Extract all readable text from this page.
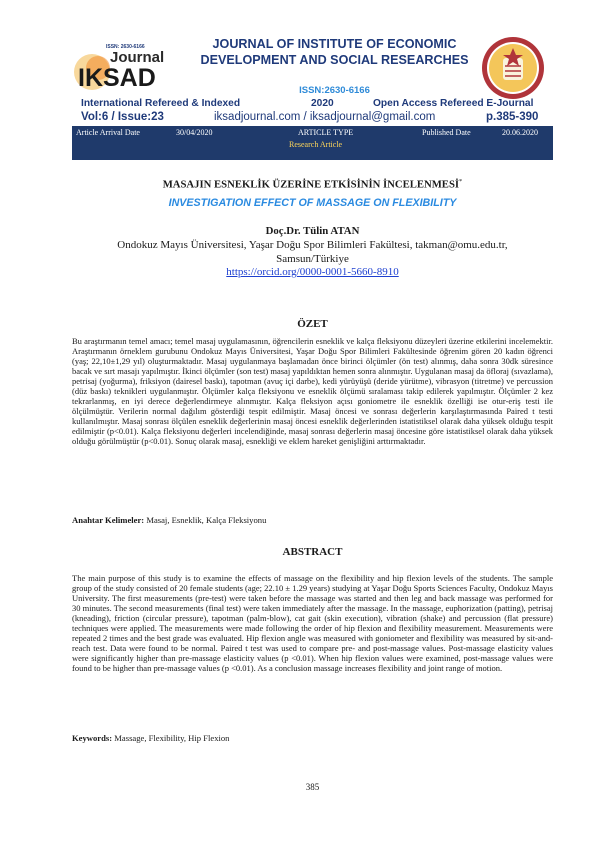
ISSN: 2630-6166
Journal
IKSAD
JOURNAL OF INSTITUTE OF ECONOMIC DEVELOPMENT AND SOCIAL RESEARCHES
ISSN:2630-6166
International Refereed & Indexed	2020	Open Access Refereed E-Journal
Vol:6 / Issue:23	iksadjournal.com / iksadjournal@gmail.com	p.385-390
Article Arrival Date	30/04/2020	ARTICLE TYPE
Research Article
Published Date	20.06.2020
MASAJIN ESNEKLİK ÜZERİNE ETKİSİNİN İNCELENMESİ*
INVESTIGATION EFFECT OF MASSAGE ON FLEXIBILITY
Doç.Dr. Tülin ATAN
Ondokuz Mayıs Üniversitesi, Yaşar Doğu Spor Bilimleri Fakültesi, takman@omu.edu.tr,
Samsun/Türkiye
https://orcid.org/0000-0001-5660-8910
ÖZET
Bu araştırmanın temel amacı; temel masaj uygulamasının, öğrencilerin esneklik ve kalça fleksiyonu düzeyleri üzerine etkilerini incelemektir. Araştırmanın örneklem gurubunu Ondokuz Mayıs Üniversitesi, Yaşar Doğu Spor Bilimleri Fakültesinde öğrenim gören 20 kadın öğrenci (yaş; 22,10±1,29 yıl) oluşturmaktadır. Masaj uygulanmaya başlamadan önce birinci ölçümler (ön test) alınmış, daha sonra 30dk süresince bacak ve sırt masajı yapılmıştır. İkinci ölçümler (son test) masaj yapıldıktan hemen sonra alınmıştır. Uygulanan masaj da öfloraj (sıvazlama), petrisaj (yoğurma), friksiyon (dairesel baskı), tapotman (avuç içi darbe), kedi yürüyüşü (deride yürütme), vibrasyon (titretme) ve percussion (düz baskı) teknikleri uygulanmıştır. Ölçümler kalça fleksiyonu ve esneklik ölçümü sıralaması takip edilerek yapılmıştır. Ölçümler 2 kez tekrarlanmış, en iyi derece değerlendirmeye alınmıştır. Kalça fleksiyon açısı goniometre ile esneklik özelliği ise otur-eriş testi ile ölçülmüştür. Verilerin normal dağılım gösterdiği tespit edilmiştir. Masaj öncesi ve sonrası değerlerin karşılaştırmasında Paired t testi kullanılmıştır. Masaj sonrası ölçülen esneklik değerlerinin masaj öncesi esneklik değerlerinden istatistiksel olarak daha yüksek olduğu tespit edilmiştir (p<0.01). Kalça fleksiyonu değerleri incelendiğinde, masaj sonrası değerlerin masaj öncesine göre istatistiksel olarak daha yüksek olduğu görülmüştür (p<0.01). Sonuç olarak masaj, esnekliği ve eklem hareket genişliğini arttırmaktadır.
Anahtar Kelimeler: Masaj, Esneklik, Kalça Fleksiyonu
ABSTRACT
The main purpose of this study is to examine the effects of massage on the flexibility and hip flexion levels of the students. The sample group of the study consisted of 20 female students (age; 22.10 ± 1.29 years) studying at Yaşar Doğu Sports Sciences Faculty, Ondokuz Mayıs University. The first measurements (pre-test) were taken before the massage was started and then leg and back massage was performed for 30 minutes. The second measurements (final test) were taken immediately after the massage. In the massage, euphorization (patting), petrisaj (kneading), friction (circular pressure), tapotman (palm-blow), cat gait (skin execution), vibration (shake) and percussion (flat pressure) techniques were applied. The measurements were made following the order of hip flexion and flexibility measurement. Measurements were repeated 2 times and the best grade was evaluated. Hip flexion angle was measured with goniometer and flexibility was measured by sit-and-reach test. Data were found to be normal. Paired t test was used to compare pre- and post-massage values. Post-massage elasticity values were significantly higher than pre-massage elasticity values (p <0.01). When hip flexion values were examined, post-massage values were found to be higher than pre-massage values (p <0.01). As a conclusion massage increases flexibility and joint range of motion.
Keywords: Massage, Flexibility, Hip Flexion
385
